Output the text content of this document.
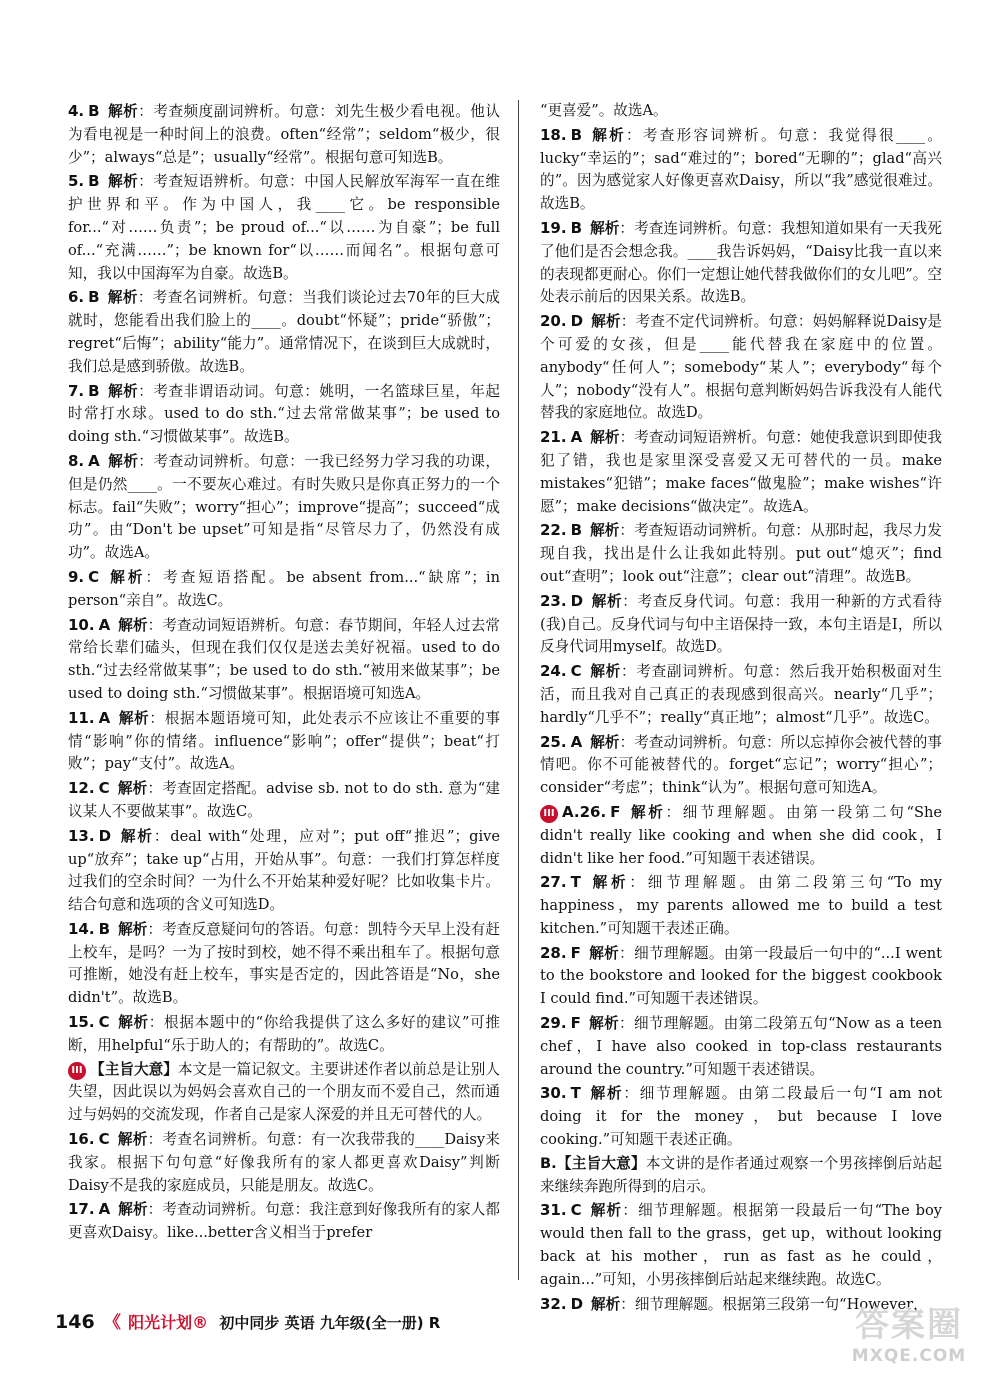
4. B 解析：考查频度副词辨析。句意：刘先生极少看电视。他认为看电视是一种时间上的浪费。often“经常”；seldom“极少，很少”；always“总是”；usually“经常”。根据句意可知选B。

5. B 解析：考查短语辨析。句意：中国人民解放军海军一直在维护世界和平。作为中国人，我____它。be responsible for...“对……负责”；be proud of...“以……为自豪”；be full of...“充满……”；be known for“以……而闻名”。根据句意可知，我以中国海军为自豪。故选B。

6. B 解析：考查名词辨析。句意：当我们谈论过去70年的巨大成就时，您能看出我们脸上的____。doubt“怀疑”；pride“骄傲”；regret“后悔”；ability“能力”。通常情况下，在谈到巨大成就时，我们总是感到骄傲。故选B。

7. B 解析：考查非谓语动词。句意：姚明，一名篮球巨星，年起时常打水球。used to do sth.“过去常常做某事”；be used to doing sth.“习惯做某事”。故选B。

8. A 解析：考查动词辨析。句意：一我已经努力学习我的功课，但是仍然____。一不要灰心难过。有时失败只是你真正努力的一个标志。fail“失败”；worry“担心”；improve“提高”；succeed“成功”。由“Don't be upset”可知是指“尽管尽力了，仍然没有成功”。故选A。

9. C 解析：考查短语搭配。be absent from...“缺席”；in person“亲自”。故选C。

10. A 解析：考查动词短语辨析。句意：春节期间，年轻人过去常常给长辈们磕头，但现在我们仅仅是送去美好祝福。used to do sth.“过去经常做某事”；be used to do sth.“被用来做某事”；be used to doing sth.“习惯做某事”。根据语境可知选A。

11. A 解析：根据本题语境可知，此处表示不应该让不重要的事情“影响”你的情绪。influence“影响”；offer“提供”；beat“打败”；pay“支付”。故选A。

12. C 解析：考查固定搭配。advise sb. not to do sth. 意为“建议某人不要做某事”。故选C。

13. D 解析：deal with“处理，应对”；put off“推迟”；give up“放弃”；take up“占用，开始从事”。句意：一我们打算怎样度过我们的空余时间？一为什么不开始某种爱好呢？比如收集卡片。结合句意和选项的含义可知选D。

14. B 解析：考查反意疑问句的答语。句意：凯特今天早上没有赶上校车，是吗？一为了按时到校，她不得不乘出租车了。根据句意可推断，她没有赶上校车，事实是否定的，因此答语是“No，she didn't”。故选B。

15. C 解析：根据本题中的“你给我提供了这么多好的建议”可推断，用helpful“乐于助人的；有帮助的”。故选C。

III 【主旨大意】本文是一篇记叙文。主要讲述作者以前总是让别人失望，因此误以为妈妈会喜欢自己的一个朋友而不爱自己，然而通过与妈妈的交流发现，作者自己是家人深爱的并且无可替代的人。

16. C 解析：考查名词辨析。句意：有一次我带我的____Daisy来我家。根据下句句意“好像我所有的家人都更喜欢Daisy”判断Daisy不是我的家庭成员，只能是朋友。故选C。

17. A 解析：考查动词辨析。句意：我注意到好像我所有的家人都更喜欢Daisy。like...better含义相当于prefer

“更喜爱”。故选A。

18. B 解析：考查形容词辨析。句意：我觉得很____。lucky“幸运的”；sad“难过的”；bored“无聊的”；glad“高兴的”。因为感觉家人好像更喜欢Daisy，所以“我”感觉很难过。故选B。

19. B 解析：考查连词辨析。句意：我想知道如果有一天我死了他们是否会想念我。____我告诉妈妈，“Daisy比我一直以来的表现都更耐心。你们一定想让她代替我做你们的女儿吧”。空处表示前后的因果关系。故选B。

20. D 解析：考查不定代词辨析。句意：妈妈解释说Daisy是个可爱的女孩，但是____能代替我在家庭中的位置。anybody“任何人”；somebody“某人”；everybody“每个人”；nobody“没有人”。根据句意判断妈妈告诉我没有人能代替我的家庭地位。故选D。

21. A 解析：考查动词短语辨析。句意：她使我意识到即使我犯了错，我也是家里深受喜爱又无可替代的一员。make mistakes“犯错”；make faces“做鬼脸”；make wishes“许愿”；make decisions“做决定”。故选A。

22. B 解析：考查短语动词辨析。句意：从那时起，我尽力发现自我，找出是什么让我如此特别。put out“熄灭”；find out“查明”；look out“注意”；clear out“清理”。故选B。

23. D 解析：考查反身代词。句意：我用一种新的方式看待(我)自己。反身代词与句中主语保持一致，本句主语是I，所以反身代词用myself。故选D。

24. C 解析：考查副词辨析。句意：然后我开始积极面对生活，而且我对自己真正的表现感到很高兴。nearly“几乎”；hardly“几乎不”；really“真正地”；almost“几乎”。故选C。

25. A 解析：考查动词辨析。句意：所以忘掉你会被代替的事情吧。你不可能被替代的。forget“忘记”；worry“担心”；consider“考虑”；think“认为”。根据句意可知选A。

III A.26. F 解析：细节理解题。由第一段第二句“She didn't really like cooking and when she did cook，I didn't like her food.”可知题干表述错误。

27. T 解析：细节理解题。由第二段第三句“To my happiness，my parents allowed me to build a test kitchen.”可知题干表述正确。

28. F 解析：细节理解题。由第一段最后一句中的“...I went to the bookstore and looked for the biggest cookbook I could find.”可知题干表述错误。

29. F 解析：细节理解题。由第二段第五句“Now as a teen chef，I have also cooked in top-class restaurants around the country.”可知题干表述错误。

30. T 解析：细节理解题。由第二段最后一句“I am not doing it for the money，but because I love cooking.”可知题干表述正确。

B.【主旨大意】本文讲的是作者通过观察一个男孩摔倒后站起来继续奔跑所得到的启示。

31. C 解析：细节理解题。根据第一段最后一句“The boy would then fall to the grass，get up，without looking back at his mother，run as fast as he could，again...”可知，小男孩摔倒后站起来继续跑。故选C。

32. D 解析：细节理解题。根据第三段第一句“However，

146 《 阳光计划® 初中同步 英语 九年级(全一册) R	答案圈
MXQE.COM
